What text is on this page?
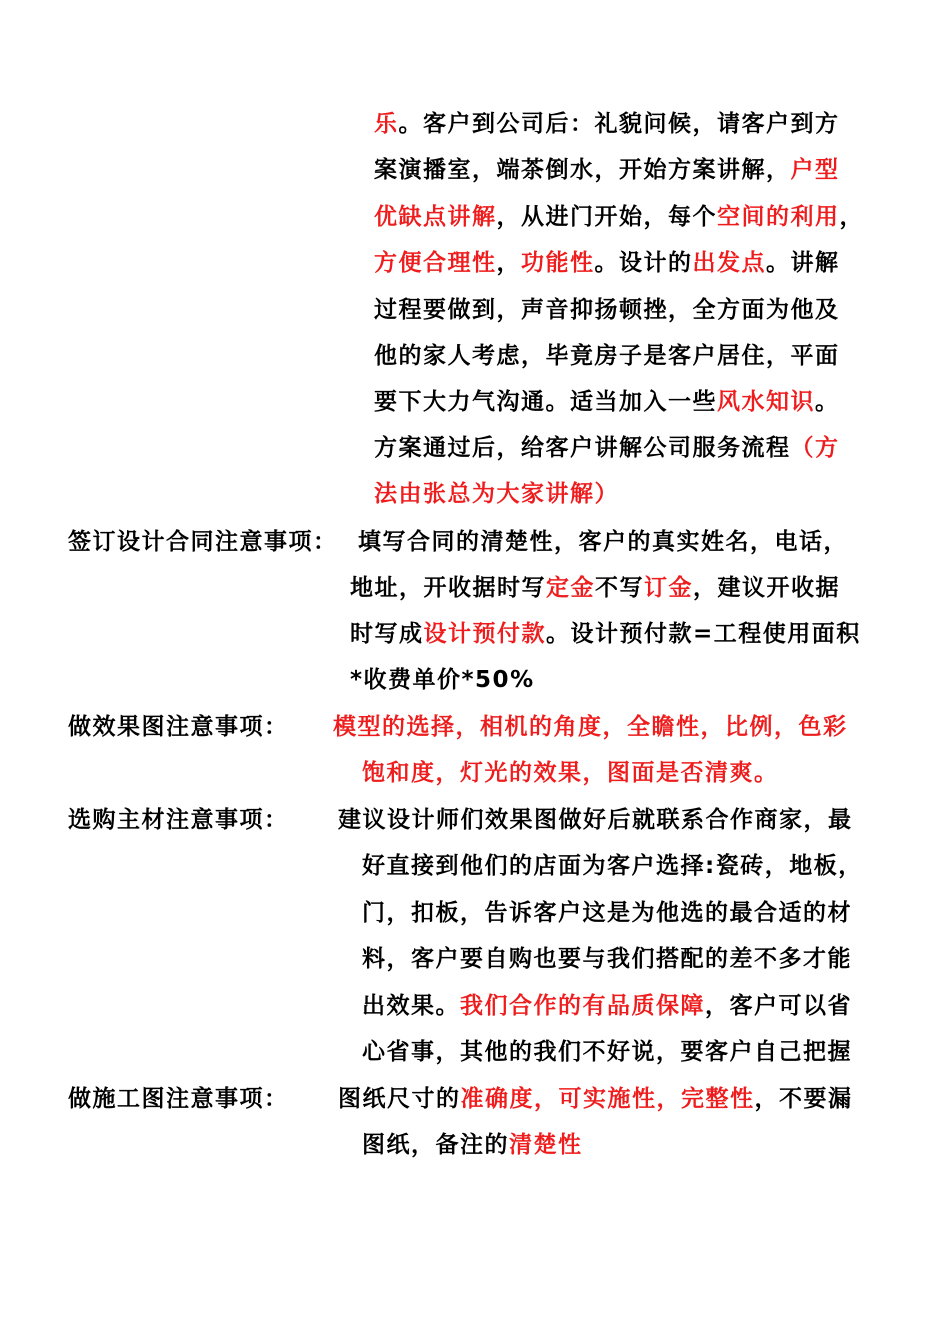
乐。客户到公司后：礼貌问候，请客户到方
案演播室，端茶倒水，开始方案讲解，户型
优缺点讲解，从进门开始，每个空间的利用，
方便合理性，功能性。设计的出发点。讲解
过程要做到，声音抑扬顿挫，全方面为他及
他的家人考虑，毕竟房子是客户居住，平面
要下大力气沟通。适当加入一些风水知识。
方案通过后，给客户讲解公司服务流程（方
法由张总为大家讲解）
签订设计合同注意事项： 填写合同的清楚性，客户的真实姓名，电话，
地址，开收据时写定金不写订金，建议开收据
时写成设计预付款。设计预付款=工程使用面积
*收费单价*50%
做效果图注意事项： 模型的选择，相机的角度，全瞻性，比例，色彩
饱和度，灯光的效果，图面是否清爽。
选购主材注意事项： 建议设计师们效果图做好后就联系合作商家，最
好直接到他们的店面为客户选择:瓷砖，地板，
门，扣板，告诉客户这是为他选的最合适的材
料，客户要自购也要与我们搭配的差不多才能
出效果。我们合作的有品质保障，客户可以省
心省事，其他的我们不好说，要客户自己把握
做施工图注意事项： 图纸尺寸的准确度，可实施性，完整性，不要漏
图纸，备注的清楚性
